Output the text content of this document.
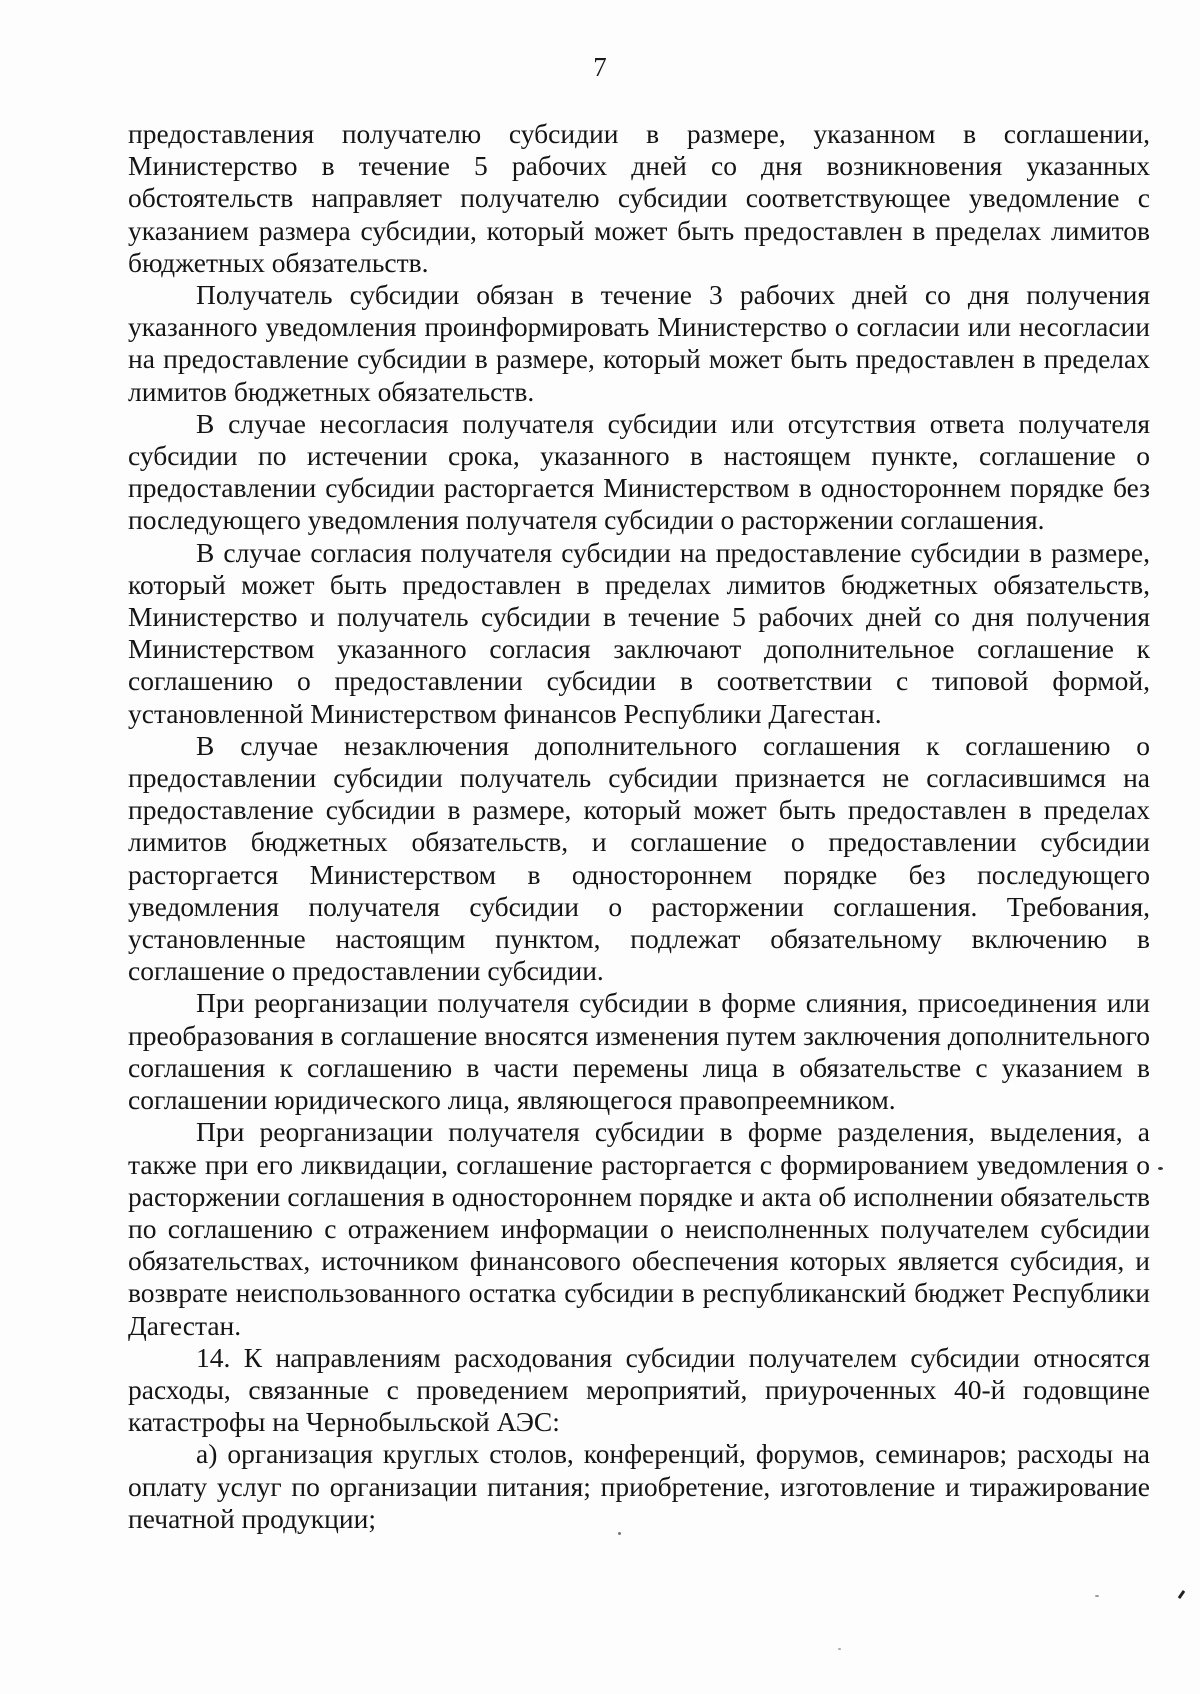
7

предоставления получателю субсидии в размере, указанном в соглашении, Министерство в течение 5 рабочих дней со дня возникновения указанных обстоятельств направляет получателю субсидии соответствующее уведомление с указанием размера субсидии, который может быть предоставлен в пределах лимитов бюджетных обязательств.

Получатель субсидии обязан в течение 3 рабочих дней со дня получения указанного уведомления проинформировать Министерство о согласии или несогласии на предоставление субсидии в размере, который может быть предоставлен в пределах лимитов бюджетных обязательств.

В случае несогласия получателя субсидии или отсутствия ответа получателя субсидии по истечении срока, указанного в настоящем пункте, соглашение о предоставлении субсидии расторгается Министерством в одностороннем порядке без последующего уведомления получателя субсидии о расторжении соглашения.

В случае согласия получателя субсидии на предоставление субсидии в размере, который может быть предоставлен в пределах лимитов бюджетных обязательств, Министерство и получатель субсидии в течение 5 рабочих дней со дня получения Министерством указанного согласия заключают дополнительное соглашение к соглашению о предоставлении субсидии в соответствии с типовой формой, установленной Министерством финансов Республики Дагестан.

В случае незаключения дополнительного соглашения к соглашению о предоставлении субсидии получатель субсидии признается не согласившимся на предоставление субсидии в размере, который может быть предоставлен в пределах лимитов бюджетных обязательств, и соглашение о предоставлении субсидии расторгается Министерством в одностороннем порядке без последующего уведомления получателя субсидии о расторжении соглашения. Требования, установленные настоящим пунктом, подлежат обязательному включению в соглашение о предоставлении субсидии.

При реорганизации получателя субсидии в форме слияния, присоединения или преобразования в соглашение вносятся изменения путем заключения дополнительного соглашения к соглашению в части перемены лица в обязательстве с указанием в соглашении юридического лица, являющегося правопреемником.

При реорганизации получателя субсидии в форме разделения, выделения, а также при его ликвидации, соглашение расторгается с формированием уведомления о расторжении соглашения в одностороннем порядке и акта об исполнении обязательств по соглашению с отражением информации о неисполненных получателем субсидии обязательствах, источником финансового обеспечения которых является субсидия, и возврате неиспользованного остатка субсидии в республиканский бюджет Республики Дагестан.

14. К направлениям расходования субсидии получателем субсидии относятся расходы, связанные с проведением мероприятий, приуроченных 40-й годовщине катастрофы на Чернобыльской АЭС:

а) организация круглых столов, конференций, форумов, семинаров; расходы на оплату услуг по организации питания; приобретение, изготовление и тиражирование печатной продукции;
